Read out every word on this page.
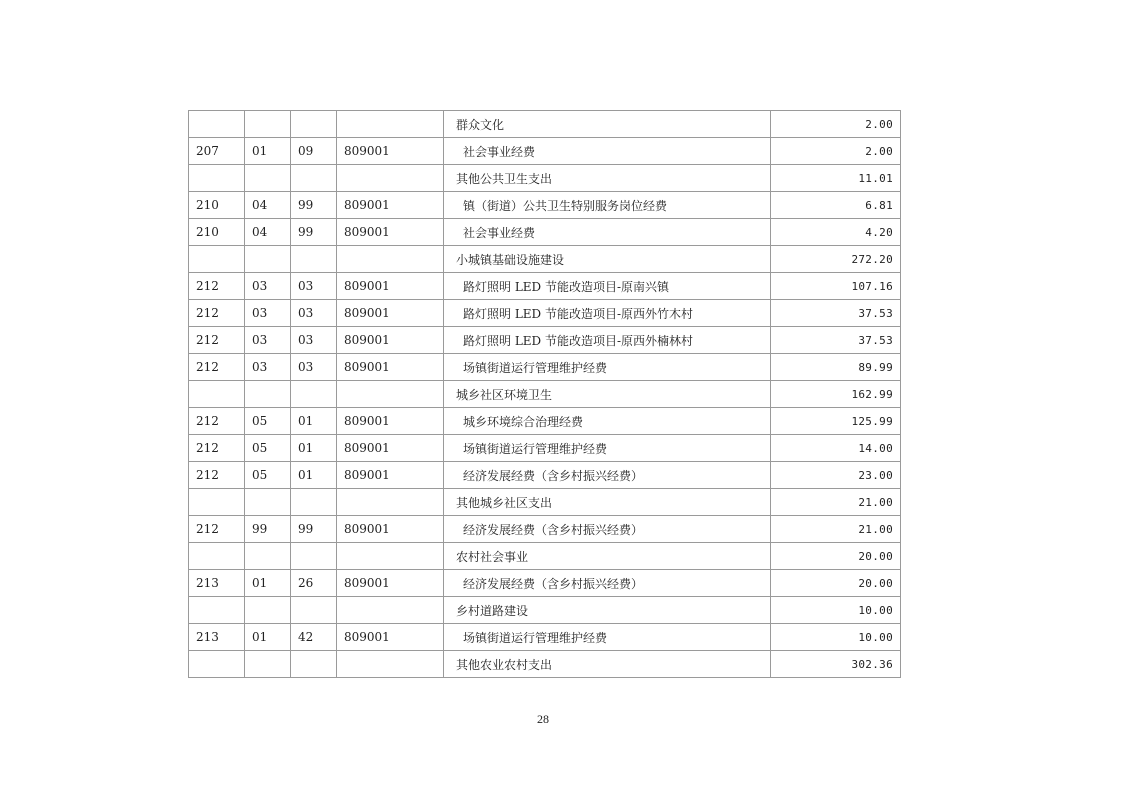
				群众文化	2.00
207	01	09	809001	社会事业经费	2.00
				其他公共卫生支出	11.01
210	04	99	809001	镇（街道）公共卫生特别服务岗位经费	6.81
210	04	99	809001	社会事业经费	4.20
				小城镇基础设施建设	272.20
212	03	03	809001	路灯照明 LED 节能改造项目-原南兴镇	107.16
212	03	03	809001	路灯照明 LED 节能改造项目-原西外竹木村	37.53
212	03	03	809001	路灯照明 LED 节能改造项目-原西外楠林村	37.53
212	03	03	809001	场镇街道运行管理维护经费	89.99
				城乡社区环境卫生	162.99
212	05	01	809001	城乡环境综合治理经费	125.99
212	05	01	809001	场镇街道运行管理维护经费	14.00
212	05	01	809001	经济发展经费（含乡村振兴经费）	23.00
				其他城乡社区支出	21.00
212	99	99	809001	经济发展经费（含乡村振兴经费）	21.00
				农村社会事业	20.00
213	01	26	809001	经济发展经费（含乡村振兴经费）	20.00
				乡村道路建设	10.00
213	01	42	809001	场镇街道运行管理维护经费	10.00
				其他农业农村支出	302.36
28
